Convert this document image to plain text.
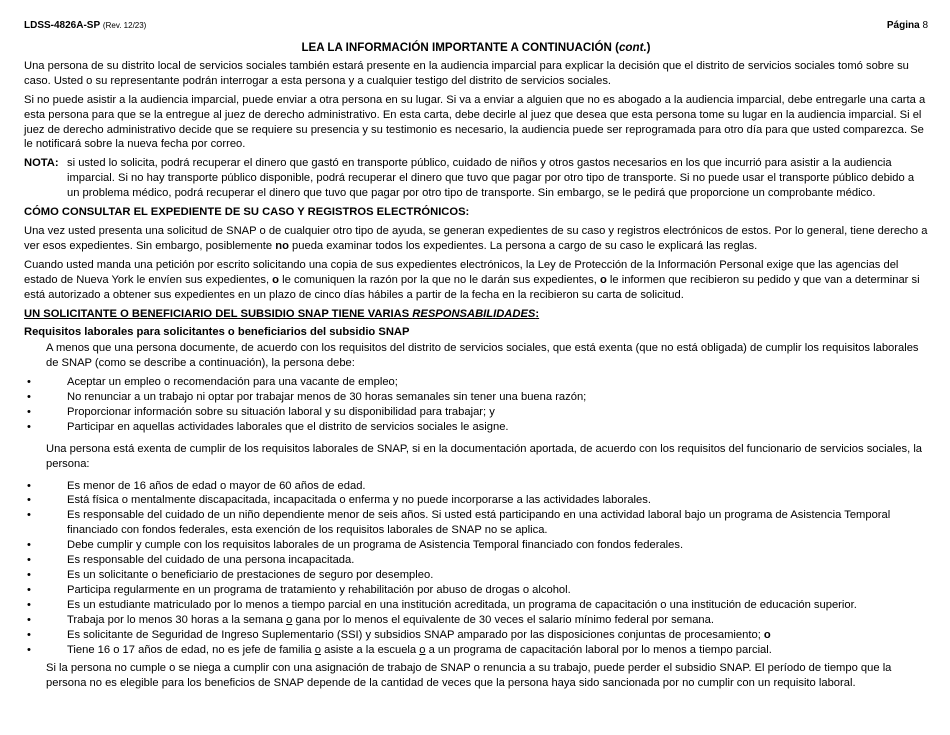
LDSS-4826A-SP (Rev. 12/23)	Página 8
LEA LA INFORMACIÓN IMPORTANTE A CONTINUACIÓN (cont.)

Una persona de su distrito local de servicios sociales también estará presente en la audiencia imparcial para explicar la decisión que el distrito de servicios sociales tomó sobre su caso. Usted o su representante podrán interrogar a esta persona y a cualquier testigo del distrito de servicios sociales.

Si no puede asistir a la audiencia imparcial, puede enviar a otra persona en su lugar. Si va a enviar a alguien que no es abogado a la audiencia imparcial, debe entregarle una carta a esta persona para que se la entregue al juez de derecho administrativo. En esta carta, debe decirle al juez que desea que esta persona tome su lugar en la audiencia imparcial. Si el juez de derecho administrativo decide que se requiere su presencia y su testimonio es necesario, la audiencia puede ser reprogramada para otro día para que usted comparezca. Se le notificará sobre la nueva fecha por correo.

NOTA: si usted lo solicita, podrá recuperar el dinero que gastó en transporte público, cuidado de niños y otros gastos necesarios en los que incurrió para asistir a la audiencia imparcial. Si no hay transporte público disponible, podrá recuperar el dinero que tuvo que pagar por otro tipo de transporte. Si no puede usar el transporte público debido a un problema médico, podrá recuperar el dinero que tuvo que pagar por otro tipo de transporte. Sin embargo, se le pedirá que proporcione un comprobante médico.
CÓMO CONSULTAR EL EXPEDIENTE DE SU CASO Y REGISTROS ELECTRÓNICOS:

Una vez usted presenta una solicitud de SNAP o de cualquier otro tipo de ayuda, se generan expedientes de su caso y registros electrónicos de estos. Por lo general, tiene derecho a ver esos expedientes. Sin embargo, posiblemente no pueda examinar todos los expedientes. La persona a cargo de su caso le explicará las reglas.

Cuando usted manda una petición por escrito solicitando una copia de sus expedientes electrónicos, la Ley de Protección de la Información Personal exige que las agencias del estado de Nueva York le envíen sus expedientes, o le comuniquen la razón por la que no le darán sus expedientes, o le informen que recibieron su pedido y que van a determinar si está autorizado a obtener sus expedientes en un plazo de cinco días hábiles a partir de la fecha en la recibieron su carta de solicitud.

UN SOLICITANTE O BENEFICIARIO DEL SUBSIDIO SNAP TIENE VARIAS RESPONSABILIDADES:
Requisitos laborales para solicitantes o beneficiarios del subsidio SNAP

A menos que una persona documente, de acuerdo con los requisitos del distrito de servicios sociales, que está exenta (que no está obligada) de cumplir los requisitos laborales de SNAP (como se describe a continuación), la persona debe:

• Aceptar un empleo o recomendación para una vacante de empleo;
• No renunciar a un trabajo ni optar por trabajar menos de 30 horas semanales sin tener una buena razón;
• Proporcionar información sobre su situación laboral y su disponibilidad para trabajar; y
• Participar en aquellas actividades laborales que el distrito de servicios sociales le asigne.

Una persona está exenta de cumplir de los requisitos laborales de SNAP, si en la documentación aportada, de acuerdo con los requisitos del funcionario de servicios sociales, la persona:

• Es menor de 16 años de edad o mayor de 60 años de edad.
• Está física o mentalmente discapacitada, incapacitada o enferma y no puede incorporarse a las actividades laborales.
• Es responsable del cuidado de un niño dependiente menor de seis años. Si usted está participando en una actividad laboral bajo un programa de Asistencia Temporal financiado con fondos federales, esta exención de los requisitos laborales de SNAP no se aplica.
• Debe cumplir y cumple con los requisitos laborales de un programa de Asistencia Temporal financiado con fondos federales.
• Es responsable del cuidado de una persona incapacitada.
• Es un solicitante o beneficiario de prestaciones de seguro por desempleo.
• Participa regularmente en un programa de tratamiento y rehabilitación por abuso de drogas o alcohol.
• Es un estudiante matriculado por lo menos a tiempo parcial en una institución acreditada, un programa de capacitación o una institución de educación superior.
• Trabaja por lo menos 30 horas a la semana o gana por lo menos el equivalente de 30 veces el salario mínimo federal por semana.
• Es solicitante de Seguridad de Ingreso Suplementario (SSI) y subsidios SNAP amparado por las disposiciones conjuntas de procesamiento; o
• Tiene 16 o 17 años de edad, no es jefe de familia o asiste a la escuela o a un programa de capacitación laboral por lo menos a tiempo parcial.

Si la persona no cumple o se niega a cumplir con una asignación de trabajo de SNAP o renuncia a su trabajo, puede perder el subsidio SNAP. El período de tiempo que la persona no es elegible para los beneficios de SNAP depende de la cantidad de veces que la persona haya sido sancionada por no cumplir con un requisito laboral.
